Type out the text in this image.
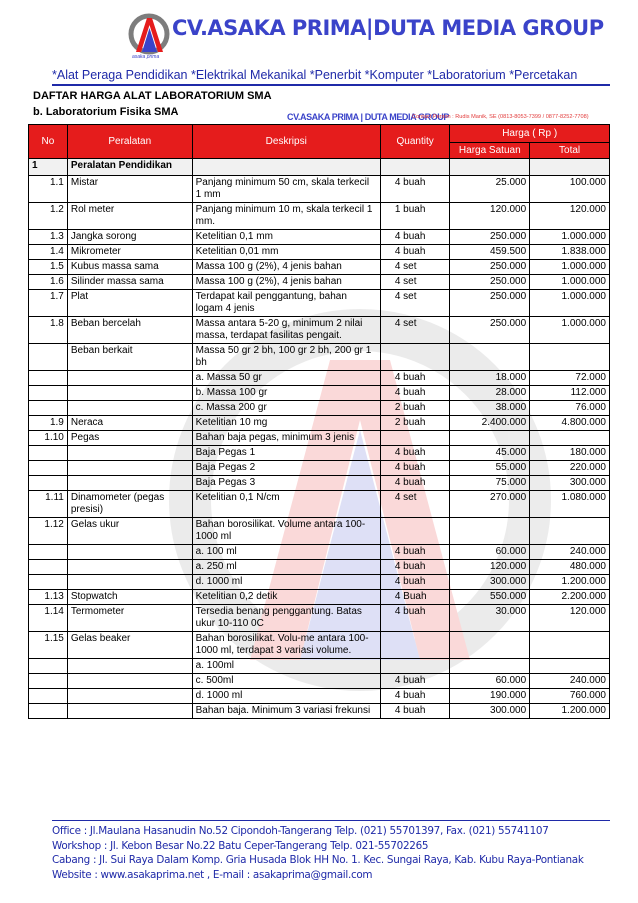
CV.ASAKA PRIMA|DUTA MEDIA GROUP
asaka prima
*Alat Peraga Pendidikan *Elektrikal Mekanikal *Penerbit *Komputer *Laboratorium *Percetakan
DAFTAR HARGA ALAT LABORATORIUM SMA
b. Laboratorium Fisika SMA	CV.ASAKA PRIMA | DUTA MEDIA GROUP
Contact Person : Rudis Manik, SE (0813-8053-7399 / 0877-8252-7708)
No	Peralatan	Deskripsi	Quantity	Harga ( Rp )	
				Harga Satuan	Total
1	Peralatan Pendidikan				
1.1	Mistar	Panjang minimum 50 cm, skala terkecil 1 mm	4 buah	25.000	100.000
1.2	Rol meter	Panjang minimum 10 m, skala terkecil 1 mm.	1 buah	120.000	120.000
1.3	Jangka sorong	Ketelitian 0,1 mm	4 buah	250.000	1.000.000
1.4	Mikrometer	Ketelitian 0,01 mm	4 buah	459.500	1.838.000
1.5	Kubus massa sama	Massa 100 g (2%), 4 jenis bahan	4 set	250.000	1.000.000
1.6	Silinder massa sama	Massa 100 g (2%), 4 jenis bahan	4 set	250.000	1.000.000
1.7	Plat	Terdapat kail penggantung, bahan logam 4 jenis	4 set	250.000	1.000.000
1.8	Beban bercelah	Massa antara 5-20 g, minimum 2 nilai massa, terdapat fasilitas pengait.	4 set	250.000	1.000.000
	Beban berkait	Massa 50 gr 2 bh, 100 gr 2 bh, 200 gr 1 bh			
		a. Massa 50 gr	4 buah	18.000	72.000
		b. Massa 100 gr	4 buah	28.000	112.000
		c. Massa 200 gr	2 buah	38.000	76.000
1.9	Neraca	Ketelitian 10 mg	2 buah	2.400.000	4.800.000
1.10	Pegas	Bahan baja pegas, minimum 3 jenis			
		Baja Pegas 1	4 buah	45.000	180.000
		Baja Pegas 2	4 buah	55.000	220.000
		Baja Pegas 3	4 buah	75.000	300.000
1.11	Dinamometer (pegas presisi)	Ketelitian 0,1 N/cm	4 set	270.000	1.080.000
1.12	Gelas ukur	Bahan borosilikat. Volume antara 100-1000 ml			
		a. 100 ml	4 buah	60.000	240.000
		a. 250 ml	4 buah	120.000	480.000
		d. 1000 ml	4 buah	300.000	1.200.000
1.13	Stopwatch	Ketelitian 0,2 detik	4 Buah	550.000	2.200.000
1.14	Termometer	Tersedia benang penggantung. Batas ukur 10-110 0C	4 buah	30.000	120.000
1.15	Gelas beaker	Bahan borosilikat. Volu-me antara 100-1000 ml, terdapat 3 variasi volume.			
		a. 100ml			
		c. 500ml	4 buah	60.000	240.000
		d. 1000 ml	4 buah	190.000	760.000
		Bahan baja. Minimum 3 variasi frekunsi	4 buah	300.000	1.200.000
Office : Jl.Maulana Hasanudin No.52 Cipondoh-Tangerang Telp. (021) 55701397, Fax. (021) 55741107
Workshop : Jl. Kebon Besar No.22 Batu Ceper-Tangerang Telp. 021-55702265
Cabang : Jl. Sui Raya Dalam Komp. Gria Husada Blok HH No. 1. Kec. Sungai Raya, Kab. Kubu Raya-Pontianak
Website : www.asakaprima.net , E-mail : asakaprima@gmail.com
